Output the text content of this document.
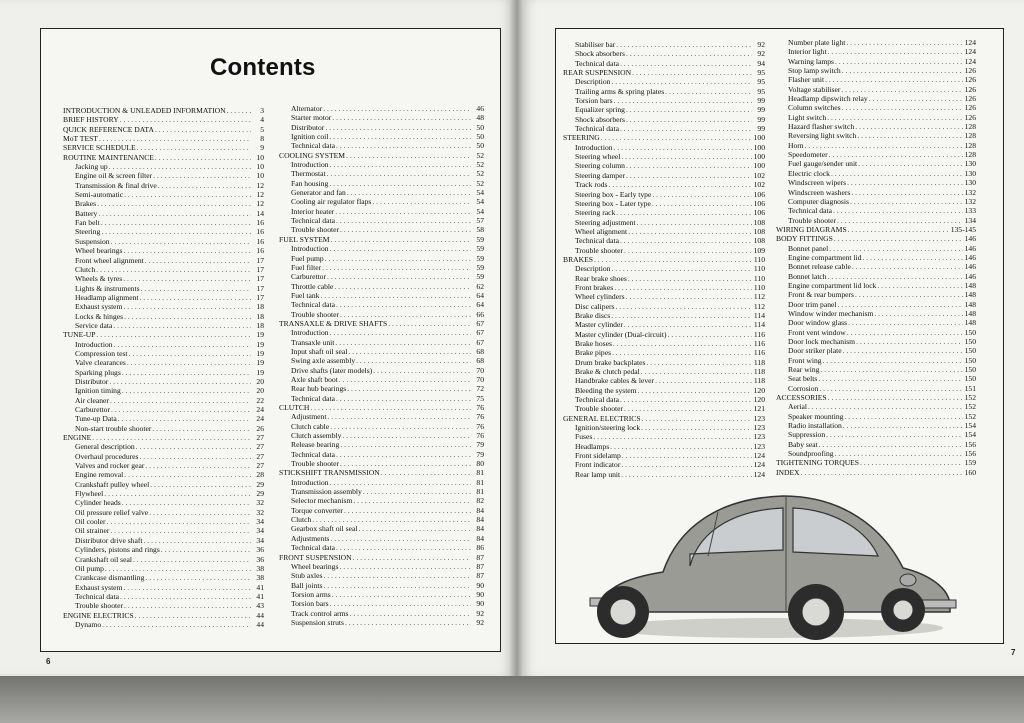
Contents
INTRODUCTION & UNLEADED INFORMATION . . .	3
BRIEF HISTORY . . .	4
QUICK REFERENCE DATA . . .	5
MoT TEST . . .	8
SERVICE SCHEDULE . . .	9
ROUTINE MAINTENANCE . . .	10
Jacking up . . .	10
Engine oil & screen filter . . .	10
Transmission & final drive . . .	12
Semi-automatic . . .	12
Brakes . . .	12
Battery . . .	14
Fan belt . . .	16
Steering . . .	16
Suspension . . .	16
Wheel bearings . . .	16
Front wheel alignment . . .	17
Clutch . . .	17
Wheels & tyres . . .	17
Lights & instruments . . .	17
Headlamp alignment . . .	17
Exhaust system . . .	18
Locks & hinges . . .	18
Service data . . .	18
TUNE-UP . . .	19
Introduction . . .	19
Compression test . . .	19
Valve clearances . . .	19
Sparking plugs . . .	19
Distributor . . .	20
Ignition timing . . .	20
Air cleaner . . .	22
Carburettor . . .	24
Tune-up Data . . .	24
Non-start trouble shooter . . .	26
ENGINE . . .	27
General description . . .	27
Overhaul procedures . . .	27
Valves and rocker gear . . .	27
Engine removal . . .	28
Crankshaft pulley wheel . . .	29
Flywheel . . .	29
Cylinder heads . . .	32
Oil pressure relief valve . . .	32
Oil cooler . . .	34
Oil strainer . . .	34
Distributor drive shaft . . .	34
Cylinders, pistons and rings . . .	36
Crankshaft oil seal . . .	36
Oil pump . . .	38
Crankcase dismantling . . .	38
Exhaust system . . .	41
Technical data . . .	41
Trouble shooter . . .	43
ENGINE ELECTRICS . . .	44
Dynamo . . .	44
Alternator . . .	46
Starter motor . . .	48
Distributor . . .	50
Ignition coil . . .	50
Technical data . . .	50
COOLING SYSTEM . . .	52
Introduction . . .	52
Thermostat . . .	52
Fan housing . . .	52
Generator and fan . . .	54
Cooling air regulator flaps . . .	54
Interior heater . . .	54
Technical data . . .	57
Trouble shooter . . .	58
FUEL SYSTEM . . .	59
Introduction . . .	59
Fuel pump . . .	59
Fuel filter . . .	59
Carburettor . . .	59
Throttle cable . . .	62
Fuel tank . . .	64
Technical data . . .	64
Trouble shooter . . .	66
TRANSAXLE & DRIVE SHAFTS . . .	67
Introduction . . .	67
Transaxle unit . . .	67
Input shaft oil seal . . .	68
Swing axle assembly . . .	68
Drive shafts (later models) . . .	70
Axle shaft boot . . .	70
Rear hub bearings . . .	72
Technical data . . .	75
CLUTCH . . .	76
Adjustment . . .	76
Clutch cable . . .	76
Clutch assembly . . .	76
Release bearing . . .	79
Technical data . . .	79
Trouble shooter . . .	80
STICKSHIFT TRANSMISSION . . .	81
Introduction . . .	81
Transmission assembly . . .	81
Selector mechanism . . .	82
Torque converter . . .	84
Clutch . . .	84
Gearbox shaft oil seal . . .	84
Adjustments . . .	84
Technical data . . .	86
FRONT SUSPENSION . . .	87
Wheel bearings . . .	87
Stub axles . . .	87
Ball joints . . .	90
Torsion arms . . .	90
Torsion bars . . .	90
Track control arms . . .	92
Suspension struts . . .	92
Stabiliser bar . . .	92
Shock absorbers . . .	92
Technical data . . .	94
REAR SUSPENSION . . .	95
Description . . .	95
Trailing arms & spring plates . . .	95
Torsion bars . . .	99
Equalizer spring . . .	99
Shock absorbers . . .	99
Technical data . . .	99
STEERING . . .	100
Introduction . . .	100
Steering wheel . . .	100
Steering column . . .	100
Steering damper . . .	102
Track rods . . .	102
Steering box - Early type . . .	106
Steering box - Later type . . .	106
Steering rack . . .	106
Steering adjustment . . .	108
Wheel alignment . . .	108
Technical data . . .	108
Trouble shooter . . .	109
BRAKES . . .	110
Description . . .	110
Rear brake shoes . . .	110
Front brakes . . .	110
Wheel cylinders . . .	112
Disc calipers . . .	112
Brake discs . . .	114
Master cylinder . . .	114
Master cylinder (Dual-circuit) . . .	116
Brake hoses . . .	116
Brake pipes . . .	116
Drum brake backplates . . .	118
Brake & clutch pedal . . .	118
Handbrake cables & lever . . .	118
Bleeding the system . . .	120
Technical data . . .	120
Trouble shooter . . .	121
GENERAL ELECTRICS . . .	123
Ignition/steering lock . . .	123
Fuses . . .	123
Headlamps . . .	123
Front sidelamp . . .	124
Front indicator . . .	124
Rear lamp unit . . .	124
Number plate light . . .	124
Interior light . . .	124
Warning lamps . . .	124
Stop lamp switch . . .	126
Flasher unit . . .	126
Voltage stabiliser . . .	126
Headlamp dipswitch relay . . .	126
Column switches . . .	126
Light switch . . .	126
Hazard flasher switch . . .	128
Reversing light switch . . .	128
Horn . . .	128
Speedometer . . .	128
Fuel gauge/sender unit . . .	130
Electric clock . . .	130
Windscreen wipers . . .	130
Windscreen washers . . .	132
Computer diagnosis . . .	132
Technical data . . .	133
Trouble shooter . . .	134
WIRING DIAGRAMS . . .	135-145
BODY FITTINGS . . .	146
Bonnet panel . . .	146
Engine compartment lid . . .	146
Bonnet release cable . . .	146
Bonnet latch . . .	146
Engine compartment lid lock . . .	148
Front & rear bumpers . . .	148
Door trim panel . . .	148
Window winder mechanism . . .	148
Door window glass . . .	148
Front vent window . . .	150
Door lock mechanism . . .	150
Door striker plate . . .	150
Front wing . . .	150
Rear wing . . .	150
Seat belts . . .	150
Corrosion . . .	151
ACCESSORIES . . .	152
Aerial . . .	152
Speaker mounting . . .	152
Radio installation . . .	154
Suppression . . .	154
Baby seat . . .	156
Soundproofing . . .	156
TIGHTENING TORQUES . . .	159
INDEX . . .	160
6
7
